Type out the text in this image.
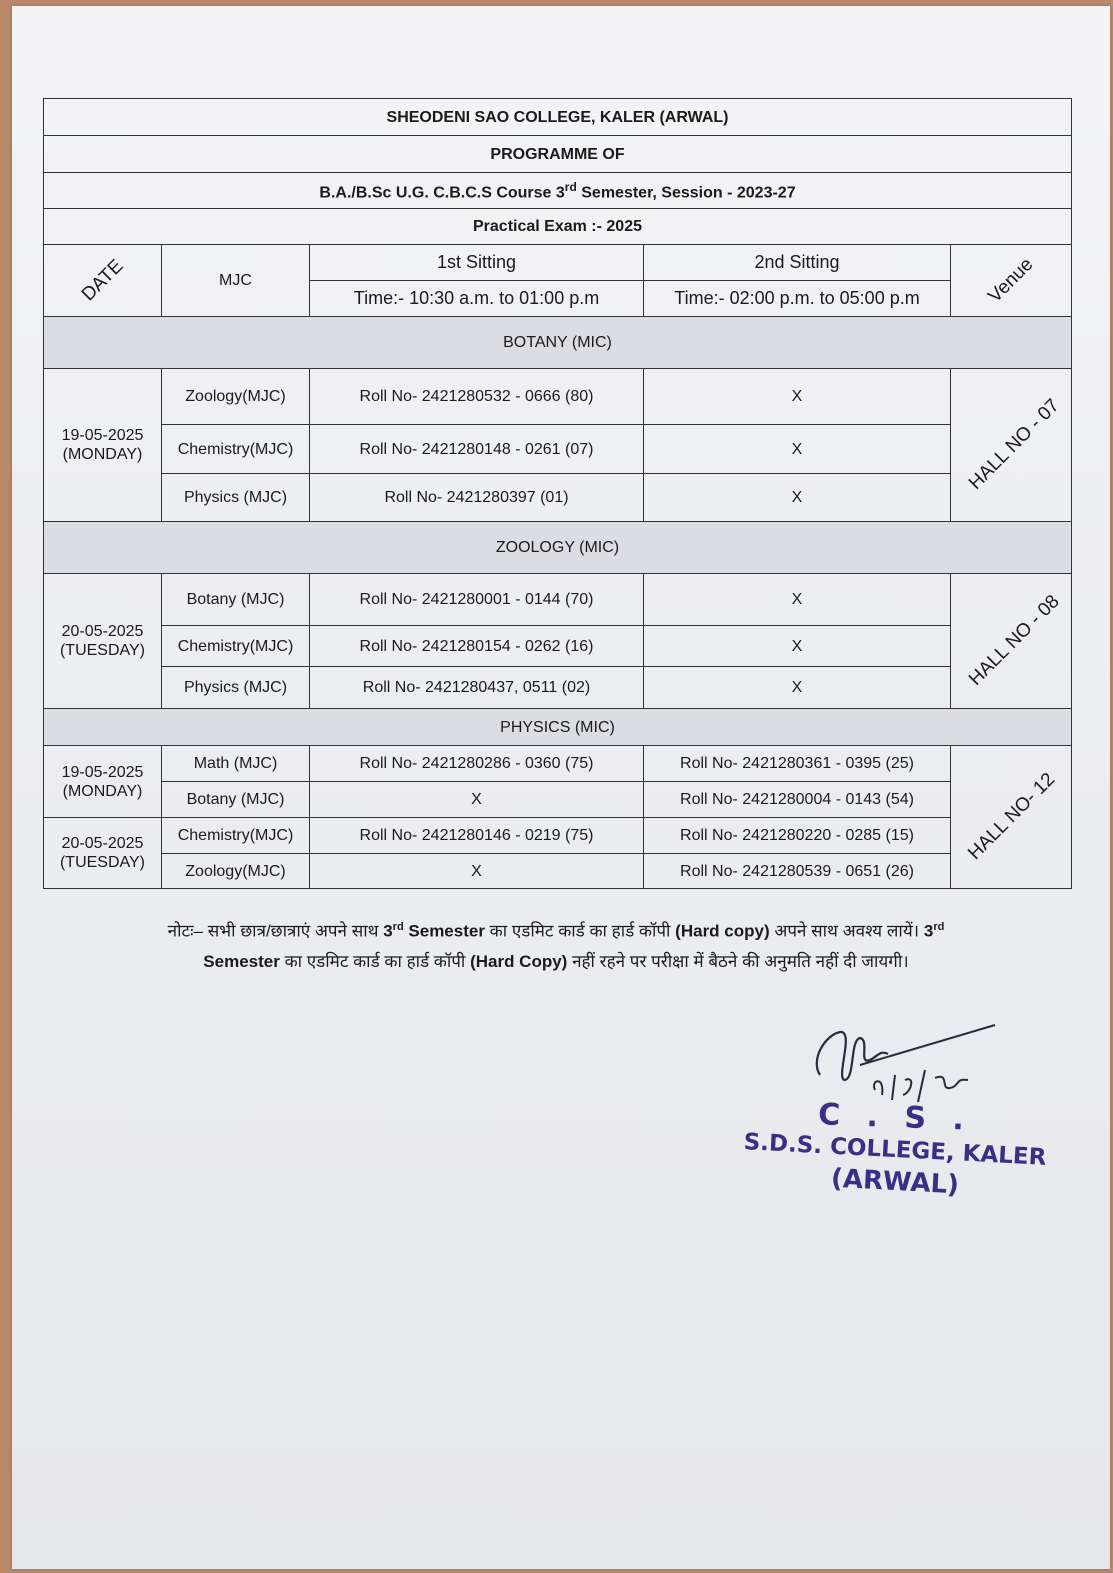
SHEODENI SAO COLLEGE, KALER (ARWAL)				
PROGRAMME OF				
B.A./B.Sc U.G. C.B.C.S Course 3rd Semester, Session - 2023-27				
Practical Exam :- 2025				
DATE	MJC	1st Sitting	2nd Sitting	Venue
		Time:- 10:30 a.m. to 01:00 p.m	Time:- 02:00 p.m. to 05:00 p.m	
BOTANY (MIC)				
19-05-2025
(MONDAY)	Zoology(MJC)	Roll No- 2421280532 - 0666 (80)	X	HALL NO - 07
	Chemistry(MJC)	Roll No- 2421280148 - 0261 (07)	X	
	Physics (MJC)	Roll No- 2421280397 (01)	X	
ZOOLOGY (MIC)				
20-05-2025
(TUESDAY)	Botany (MJC)	Roll No- 2421280001 - 0144 (70)	X	HALL NO - 08
	Chemistry(MJC)	Roll No- 2421280154 - 0262 (16)	X	
	Physics (MJC)	Roll No- 2421280437, 0511 (02)	X	
PHYSICS (MIC)				
19-05-2025
(MONDAY)	Math (MJC)	Roll No- 2421280286 - 0360 (75)	Roll No- 2421280361 - 0395 (25)	HALL NO- 12
	Botany (MJC)	X	Roll No- 2421280004 - 0143 (54)	
20-05-2025
(TUESDAY)	Chemistry(MJC)	Roll No- 2421280146 - 0219 (75)	Roll No- 2421280220 - 0285 (15)	
	Zoology(MJC)	X	Roll No- 2421280539 - 0651 (26)	
नोटः– सभी छात्र/छात्राएं अपने साथ 3rd Semester का एडमिट कार्ड का हार्ड कॉपी (Hard copy) अपने साथ अवश्य लायें। 3rd
Semester का एडमिट कार्ड का हार्ड कॉपी (Hard Copy) नहीं रहने पर परीक्षा में बैठने की अनुमति नहीं दी जायगी।
C . S .
S.D.S. COLLEGE, KALER
(ARWAL)
